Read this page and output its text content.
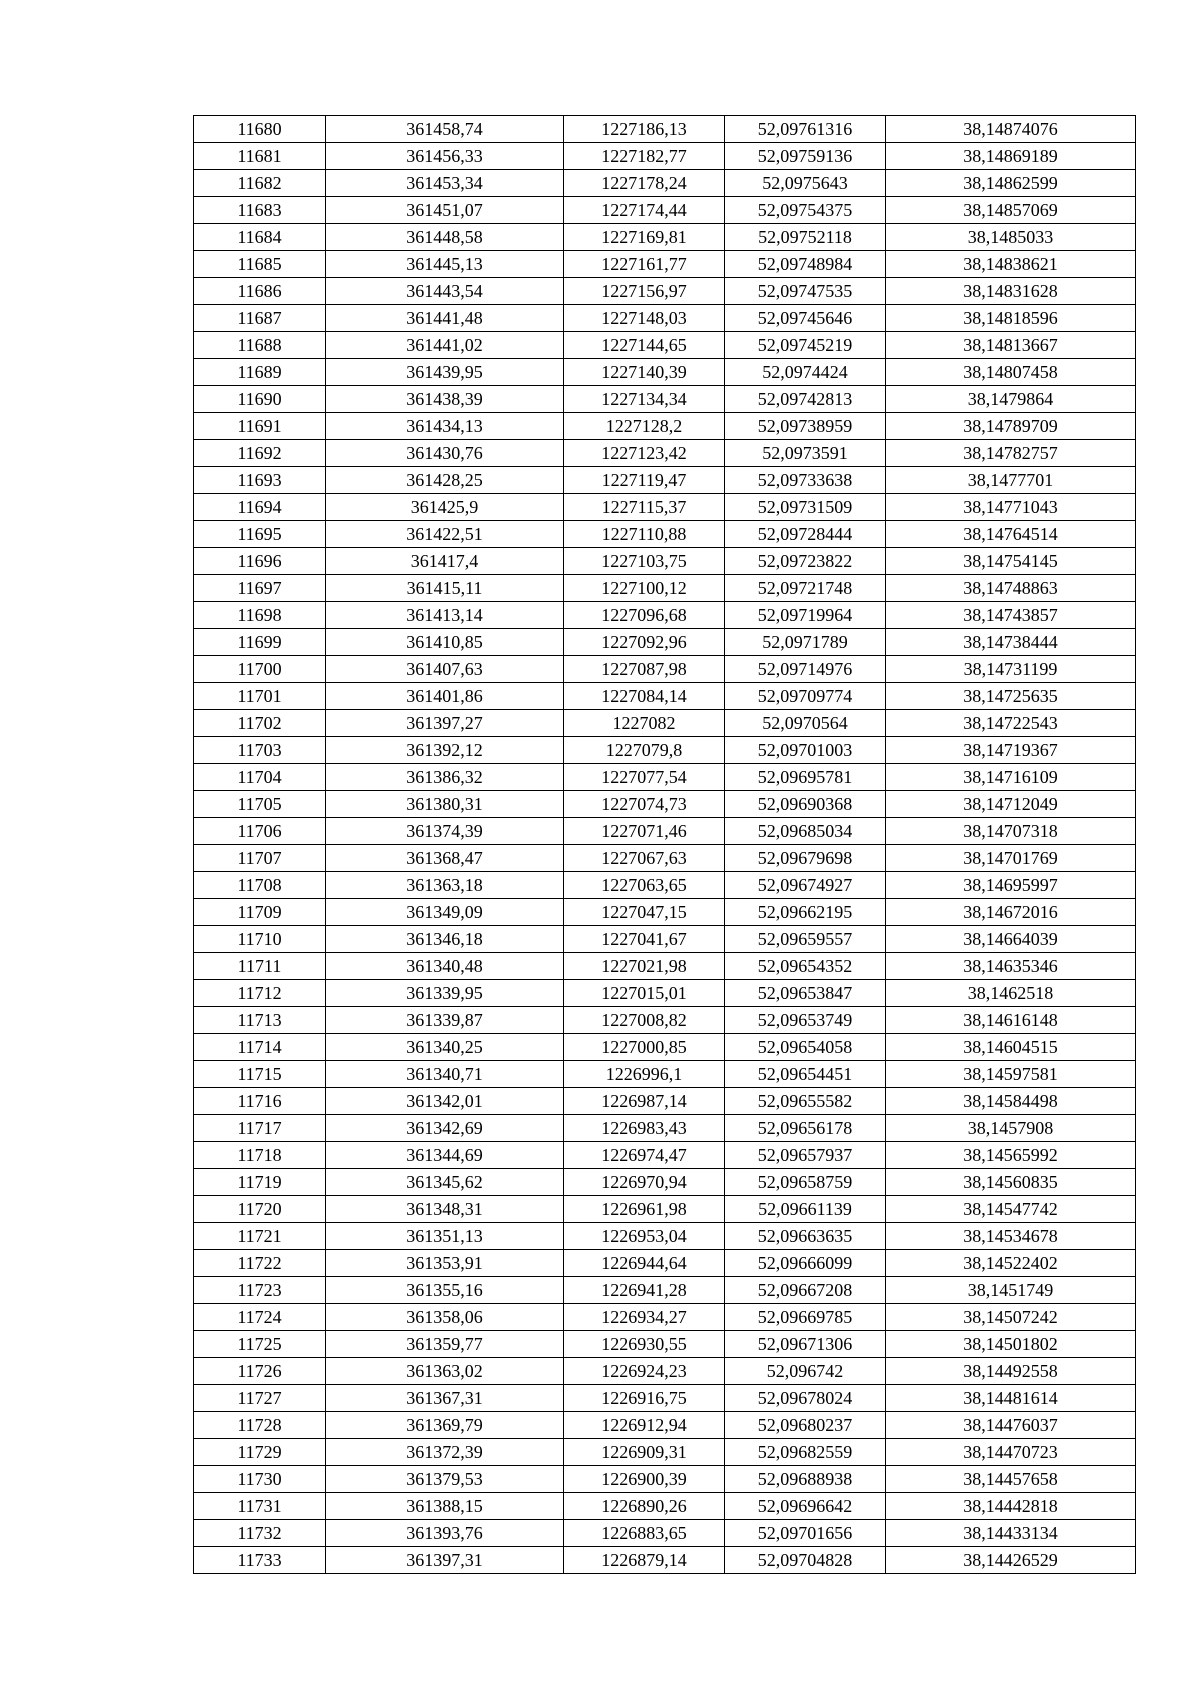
11680	361458,74	1227186,13	52,09761316	38,14874076
11681	361456,33	1227182,77	52,09759136	38,14869189
11682	361453,34	1227178,24	52,0975643	38,14862599
11683	361451,07	1227174,44	52,09754375	38,14857069
11684	361448,58	1227169,81	52,09752118	38,1485033
11685	361445,13	1227161,77	52,09748984	38,14838621
11686	361443,54	1227156,97	52,09747535	38,14831628
11687	361441,48	1227148,03	52,09745646	38,14818596
11688	361441,02	1227144,65	52,09745219	38,14813667
11689	361439,95	1227140,39	52,0974424	38,14807458
11690	361438,39	1227134,34	52,09742813	38,1479864
11691	361434,13	1227128,2	52,09738959	38,14789709
11692	361430,76	1227123,42	52,0973591	38,14782757
11693	361428,25	1227119,47	52,09733638	38,1477701
11694	361425,9	1227115,37	52,09731509	38,14771043
11695	361422,51	1227110,88	52,09728444	38,14764514
11696	361417,4	1227103,75	52,09723822	38,14754145
11697	361415,11	1227100,12	52,09721748	38,14748863
11698	361413,14	1227096,68	52,09719964	38,14743857
11699	361410,85	1227092,96	52,0971789	38,14738444
11700	361407,63	1227087,98	52,09714976	38,14731199
11701	361401,86	1227084,14	52,09709774	38,14725635
11702	361397,27	1227082	52,0970564	38,14722543
11703	361392,12	1227079,8	52,09701003	38,14719367
11704	361386,32	1227077,54	52,09695781	38,14716109
11705	361380,31	1227074,73	52,09690368	38,14712049
11706	361374,39	1227071,46	52,09685034	38,14707318
11707	361368,47	1227067,63	52,09679698	38,14701769
11708	361363,18	1227063,65	52,09674927	38,14695997
11709	361349,09	1227047,15	52,09662195	38,14672016
11710	361346,18	1227041,67	52,09659557	38,14664039
11711	361340,48	1227021,98	52,09654352	38,14635346
11712	361339,95	1227015,01	52,09653847	38,1462518
11713	361339,87	1227008,82	52,09653749	38,14616148
11714	361340,25	1227000,85	52,09654058	38,14604515
11715	361340,71	1226996,1	52,09654451	38,14597581
11716	361342,01	1226987,14	52,09655582	38,14584498
11717	361342,69	1226983,43	52,09656178	38,1457908
11718	361344,69	1226974,47	52,09657937	38,14565992
11719	361345,62	1226970,94	52,09658759	38,14560835
11720	361348,31	1226961,98	52,09661139	38,14547742
11721	361351,13	1226953,04	52,09663635	38,14534678
11722	361353,91	1226944,64	52,09666099	38,14522402
11723	361355,16	1226941,28	52,09667208	38,1451749
11724	361358,06	1226934,27	52,09669785	38,14507242
11725	361359,77	1226930,55	52,09671306	38,14501802
11726	361363,02	1226924,23	52,096742	38,14492558
11727	361367,31	1226916,75	52,09678024	38,14481614
11728	361369,79	1226912,94	52,09680237	38,14476037
11729	361372,39	1226909,31	52,09682559	38,14470723
11730	361379,53	1226900,39	52,09688938	38,14457658
11731	361388,15	1226890,26	52,09696642	38,14442818
11732	361393,76	1226883,65	52,09701656	38,14433134
11733	361397,31	1226879,14	52,09704828	38,14426529
